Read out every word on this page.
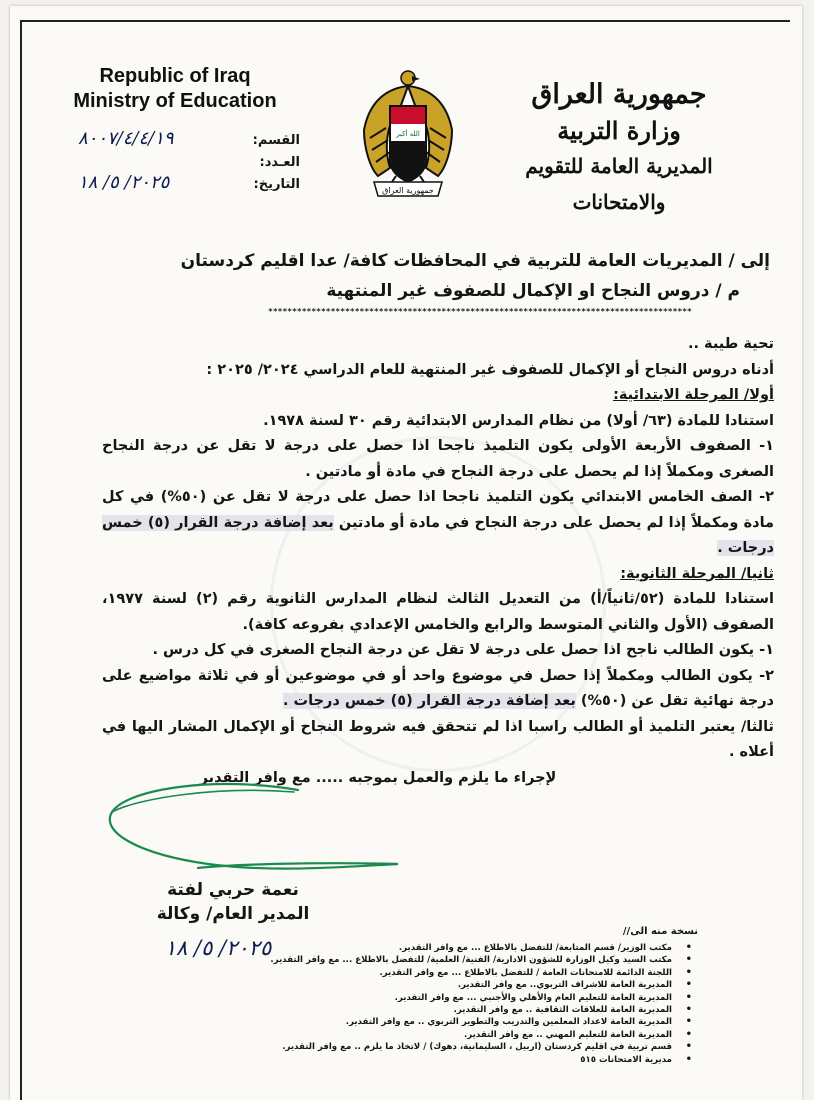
Republic of Iraq
Ministry of Education
الله أكبر
جمهورية العراق
جمهورية العراق
وزارة التربية
المديرية العامة للتقويم والامتحانات
القسم:
٨٠٠٧/٤/٤/١٩
العـدد:
التاريخ:
٢٠٢٥/ ٥/ ١٨
إلى / المديريات العامة للتربية في المحافظات كافة/ عدا اقليم كردستان
م / دروس النجاح او الإكمال للصفوف غير المنتهية
****************************************************************************************

تحية طيبة ..

أدناه دروس النجاح أو الإكمال للصفوف غير المنتهية للعام الدراسي ٢٠٢٤/ ٢٠٢٥ :

أولا/ المرحلة الابتدائية:

استنادا للمادة (٦٣/ أولا) من نظام المدارس الابتدائية رقم ٣٠ لسنة ١٩٧٨.

١- الصفوف الأربعة الأولى يكون التلميذ ناجحا اذا حصل على درجة لا تقل عن درجة النجاح الصغرى ومكملاً إذا لم يحصل على درجة النجاح في مادة أو مادتين .

٢- الصف الخامس الابتدائي يكون التلميذ ناجحا اذا حصل على درجة لا تقل عن (٥٠%) في كل مادة ومكملاً إذا لم يحصل على درجة النجاح في مادة أو مادتين بعد إضافة درجة القرار (٥) خمس درجات .

ثانيا/ المرحلة الثانوية:

استنادا للمادة (٥٢/ثانياً/أ) من التعديل الثالث لنظام المدارس الثانوية رقم (٢) لسنة ١٩٧٧، الصفوف (الأول والثاني المتوسط والرابع والخامس الإعدادي بفروعه كافة).

١- يكون الطالب ناجح اذا حصل على درجة لا تقل عن درجة النجاح الصغرى في كل درس .

٢- يكون الطالب ومكملاً إذا حصل في موضوع واحد أو في موضوعين أو في ثلاثة مواضيع على درجة نهائية تقل عن (٥٠%) بعد إضافة درجة القرار (٥) خمس درجات .

ثالثا/ يعتبر التلميذ أو الطالب راسبا اذا لم تتحقق فيه شروط النجاح أو الإكمال المشار اليها في أعلاه .

لإجراء ما يلزم والعمل بموجبه ..... مع وافر التقدير

نعمة حربي لفتة
المدير العام/ وكالة
٢٠٢٥/ ٥/ ١٨
نسخة منه الى//
• مكتب الوزير/ قسم المتابعة/ للتفضل بالاطلاع ... مع وافر التقدير.
• مكتب السيد وكيل الوزارة للشؤون الادارية/ الفنية/ العلمية/ للتفضل بالاطلاع ... مع وافر التقدير.
• اللجنة الدائمة للامتحانات العامة / للتفضل بالاطلاع ... مع وافر التقدير.
• المديرية العامة للاشراف التربوي.. مع وافر التقدير.
• المديرية العامة للتعليم العام والأهلي والأجنبي ... مع وافر التقدير.
• المديرية العامة للعلاقات الثقافية .. مع وافر التقدير.
• المديرية العامة لاعداد المعلمين والتدريب والتطوير التربوي .. مع وافر التقدير.
• المديرية العامة للتعليم المهني .. مع وافر التقدير.
• قسم تربية في اقليم كردستان (اربيل ، السليمانية، دهوك) / لاتخاذ ما يلزم .. مع وافر التقدير.
• مديرية الامتحانات ٥١٥
